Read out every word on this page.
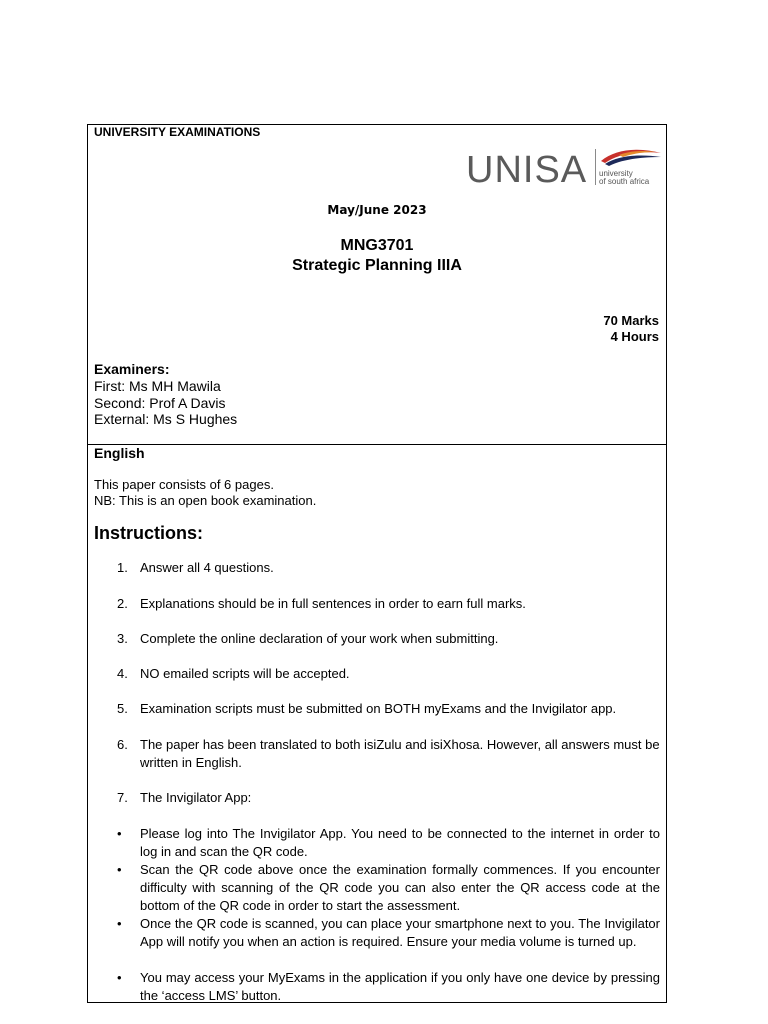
UNIVERSITY EXAMINATIONS
UNISA university
of south africa
May/June 2023
MNG3701
Strategic Planning IIIA
70 Marks
4 Hours
Examiners:
First: Ms MH Mawila
Second: Prof A Davis
External: Ms S Hughes
English
This paper consists of 6 pages.
NB: This is an open book examination.
Instructions:
1. Answer all 4 questions.
2. Explanations should be in full sentences in order to earn full marks.
3. Complete the online declaration of your work when submitting.
4. NO emailed scripts will be accepted.
5. Examination scripts must be submitted on BOTH myExams and the Invigilator app.
6. The paper has been translated to both isiZulu and isiXhosa. However, all answers must be written in English.
7. The Invigilator App:
• Please log into The Invigilator App. You need to be connected to the internet in order to log in and scan the QR code.
• Scan the QR code above once the examination formally commences. If you encounter difficulty with scanning of the QR code you can also enter the QR access code at the bottom of the QR code in order to start the assessment.
• Once the QR code is scanned, you can place your smartphone next to you. The Invigilator App will notify you when an action is required. Ensure your media volume is turned up.
• You may access your MyExams in the application if you only have one device by pressing the ‘access LMS’ button.
